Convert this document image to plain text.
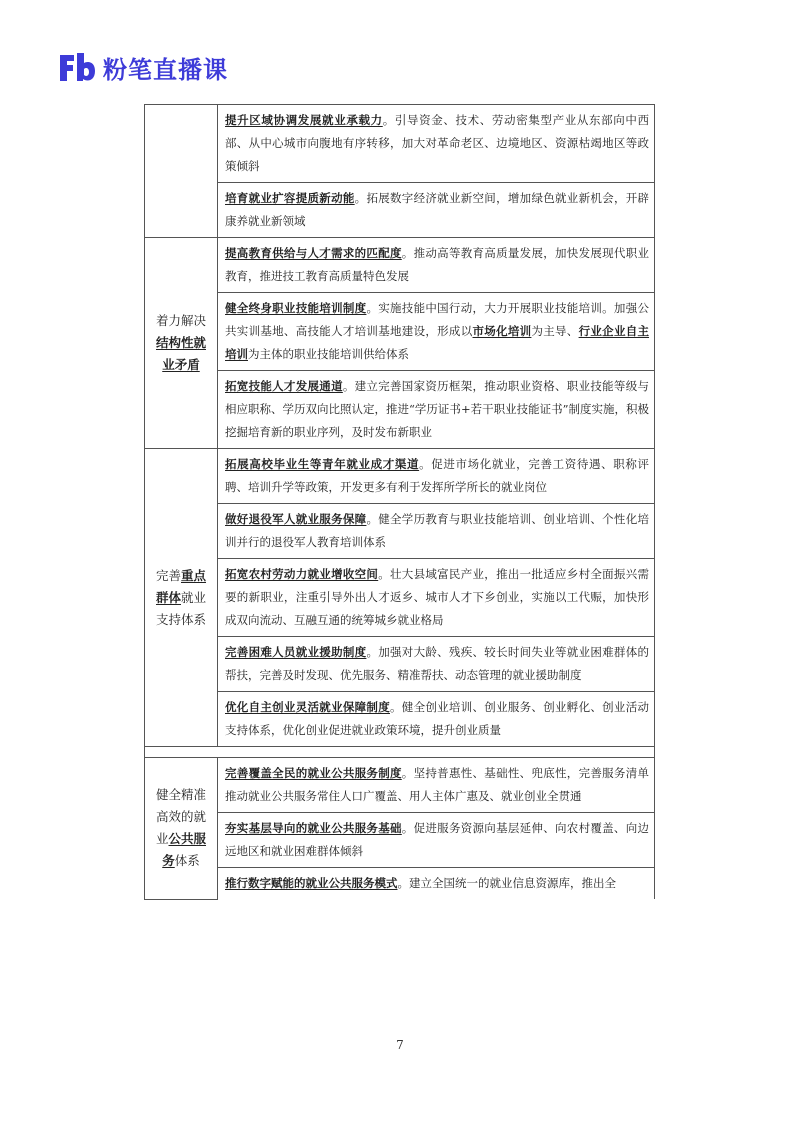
粉笔直播课
	提升区域协调发展就业承载力。引导资金、技术、劳动密集型产业从东部向中西部、从中心城市向腹地有序转移，加大对革命老区、边境地区、资源枯竭地区等政策倾斜
	培育就业扩容提质新动能。拓展数字经济就业新空间，增加绿色就业新机会，开辟康养就业新领域
着力解决结构性就业矛盾	提高教育供给与人才需求的匹配度。推动高等教育高质量发展，加快发展现代职业教育，推进技工教育高质量特色发展
	健全终身职业技能培训制度。实施技能中国行动，大力开展职业技能培训。加强公共实训基地、高技能人才培训基地建设，形成以市场化培训为主导、行业企业自主培训为主体的职业技能培训供给体系
	拓宽技能人才发展通道。建立完善国家资历框架，推动职业资格、职业技能等级与相应职称、学历双向比照认定，推进“学历证书+若干职业技能证书”制度实施，积极挖掘培育新的职业序列，及时发布新职业
完善重点群体就业支持体系	拓展高校毕业生等青年就业成才渠道。促进市场化就业，完善工资待遇、职称评聘、培训升学等政策，开发更多有利于发挥所学所长的就业岗位
	做好退役军人就业服务保障。健全学历教育与职业技能培训、创业培训、个性化培训并行的退役军人教育培训体系
	拓宽农村劳动力就业增收空间。壮大县域富民产业，推出一批适应乡村全面振兴需要的新职业，注重引导外出人才返乡、城市人才下乡创业，实施以工代赈，加快形成双向流动、互融互通的统筹城乡就业格局
	完善困难人员就业援助制度。加强对大龄、残疾、较长时间失业等就业困难群体的帮扶，完善及时发现、优先服务、精准帮扶、动态管理的就业援助制度
	优化自主创业灵活就业保障制度。健全创业培训、创业服务、创业孵化、创业活动支持体系，优化创业促进就业政策环境，提升创业质量

健全精准高效的就业公共服务体系	完善覆盖全民的就业公共服务制度。坚持普惠性、基础性、兜底性，完善服务清单推动就业公共服务常住人口广覆盖、用人主体广惠及、就业创业全贯通
	夯实基层导向的就业公共服务基础。促进服务资源向基层延伸、向农村覆盖、向边远地区和就业困难群体倾斜
	推行数字赋能的就业公共服务模式。建立全国统一的就业信息资源库，推出全
7
